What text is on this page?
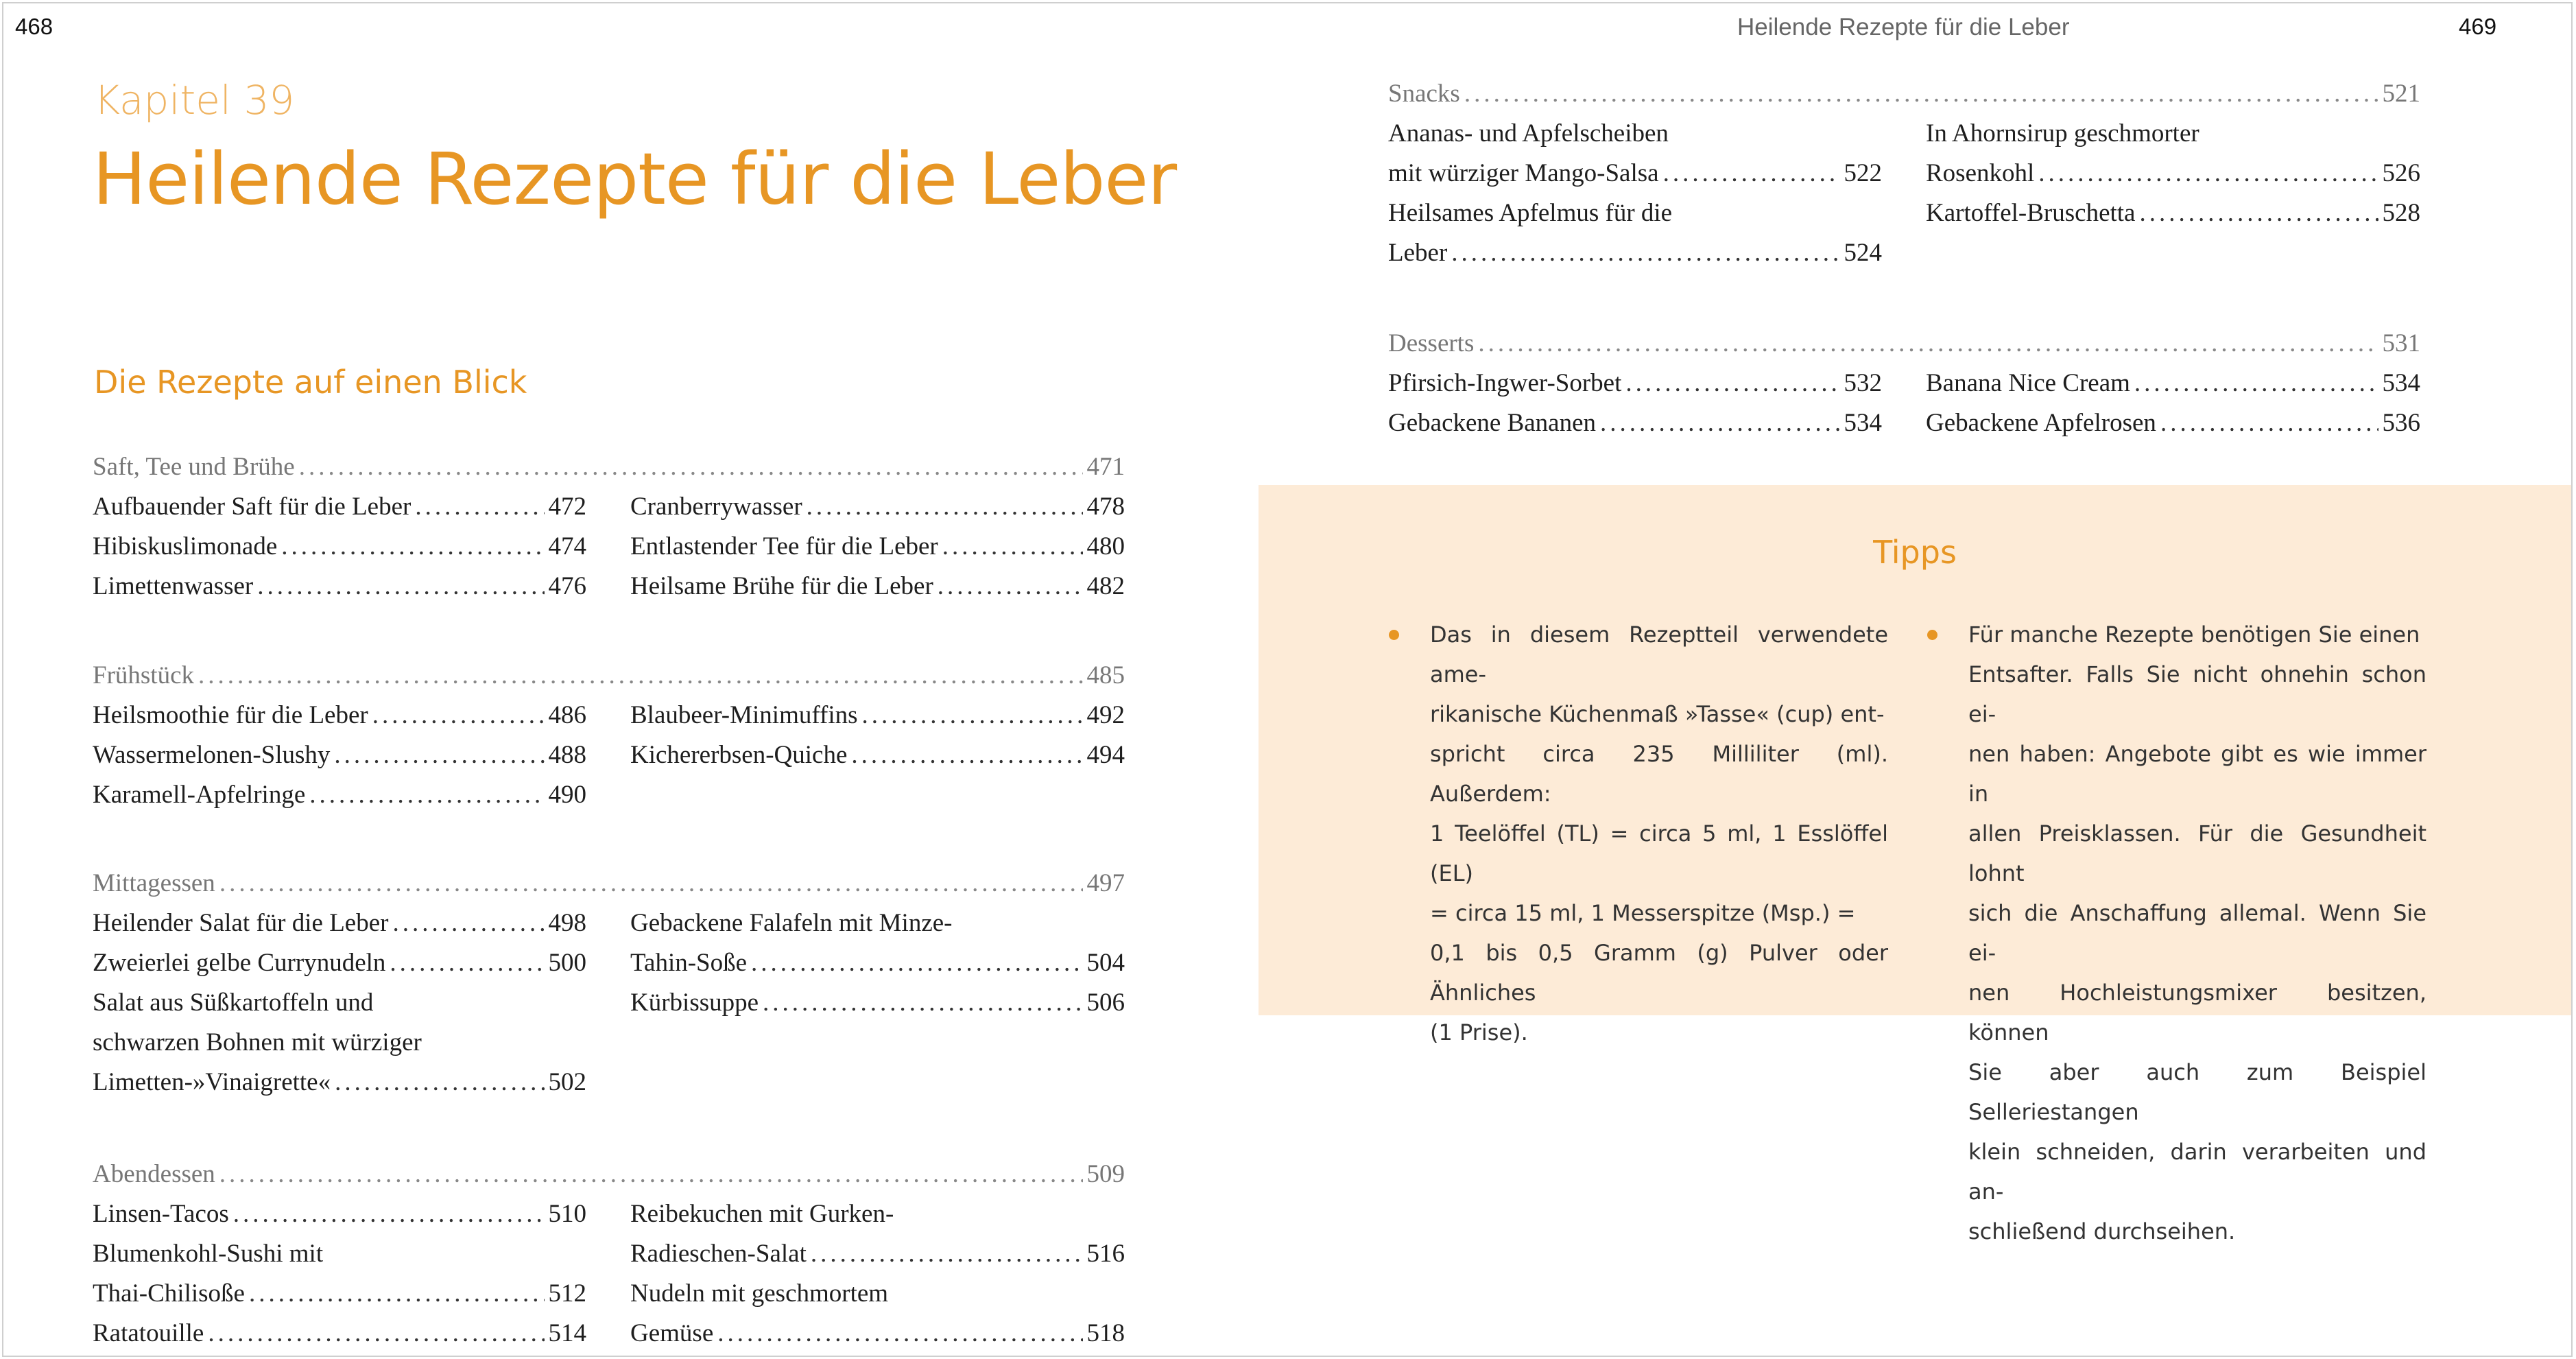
468	Heilende Rezepte für die Leber	469
Kapitel 39
Heilende Rezepte für die Leber
Die Rezepte auf einen Blick
Saft, Tee und Brühe .....	471
Aufbauender Saft für die Leber .....	472
Hibiskuslimonade .....	474
Limettenwasser .....	476
Cranberrywasser .....	478
Entlastender Tee für die Leber .....	480
Heilsame Brühe für die Leber .....	482
Frühstück .....	485
Heilsmoothie für die Leber .....	486
Wassermelonen-Slushy .....	488
Karamell-Apfelringe .....	490
Blaubeer-Minimuffins .....	492
Kichererbsen-Quiche .....	494
Mittagessen .....	497
Heilender Salat für die Leber .....	498
Zweierlei gelbe Currynudeln .....	500
Salat aus Süßkartoffeln und
schwarzen Bohnen mit würziger
Limetten-»Vinaigrette« .....	502
Gebackene Falafeln mit Minze-
Tahin-Soße .....	504
Kürbissuppe .....	506
Abendessen .....	509
Linsen-Tacos .....	510
Blumenkohl-Sushi mit
Thai-Chilisoße .....	512
Ratatouille .....	514
Reibekuchen mit Gurken-
Radieschen-Salat .....	516
Nudeln mit geschmortem
Gemüse .....	518
Snacks .....	521
Ananas- und Apfelscheiben
mit würziger Mango-Salsa .....	522
Heilsames Apfelmus für die
Leber .....	524
In Ahornsirup geschmorter
Rosenkohl .....	526
Kartoffel-Bruschetta .....	528
Desserts .....	531
Pfirsich-Ingwer-Sorbet .....	532
Gebackene Bananen .....	534
Banana Nice Cream .....	534
Gebackene Apfelrosen .....	536
Tipps
Das in diesem Rezeptteil verwendete ame-
rikanische Küchenmaß »Tasse« (cup) ent-
spricht circa 235 Milliliter (ml). Außerdem:
1 Teelöffel (TL) = circa 5 ml, 1 Esslöffel (EL)
= circa 15 ml, 1 Messerspitze (Msp.) =
0,1 bis 0,5 Gramm (g) Pulver oder Ähnliches
(1 Prise).
Für manche Rezepte benötigen Sie einen
Entsafter. Falls Sie nicht ohnehin schon ei-
nen haben: Angebote gibt es wie immer in
allen Preisklassen. Für die Gesundheit lohnt
sich die Anschaffung allemal. Wenn Sie ei-
nen Hochleistungsmixer besitzen, können
Sie aber auch zum Beispiel Selleriestangen
klein schneiden, darin verarbeiten und an-
schließend durchseihen.
